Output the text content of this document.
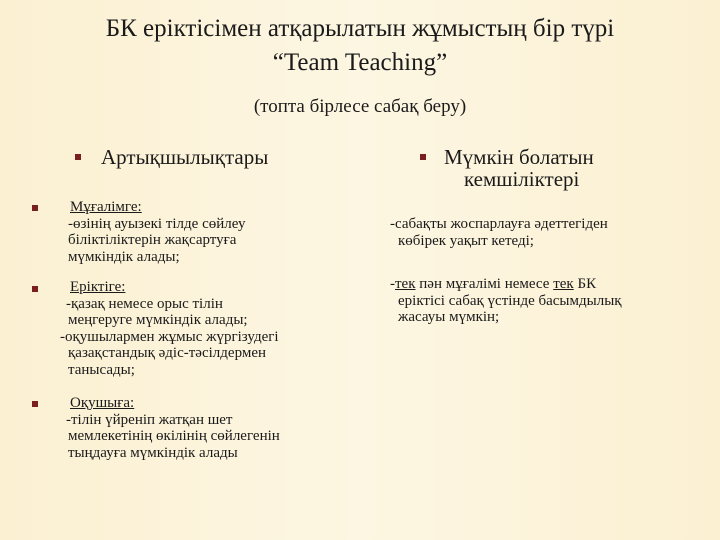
БК еріктісімен атқарылатын жұмыстың бір түрі
“Team Teaching”
(топта бірлесе сабақ беру)
Артықшылықтары
Мұғалімге:
-өзінің ауызекі тілде сөйлеу
біліктіліктерін жақсартуға
мүмкіндік алады;
Еріктіге:
-қазақ немесе орыс тілін
меңгеруге мүмкіндік алады;
-оқушылармен жұмыс жүргізудегі
қазақстандық әдіс-тәсілдермен
танысады;
Оқушыға:
-тілін үйреніп жатқан шет
мемлекетінің өкілінің сөйлегенін
тыңдауға мүмкіндік алады
Мүмкін болатын
кемшіліктері
-сабақты жоспарлауға әдеттегіден
көбірек уақыт кетеді;
-тек пән мұғалімі немесе тек БК
еріктісі сабақ үстінде басымдылық
жасауы мүмкін;
